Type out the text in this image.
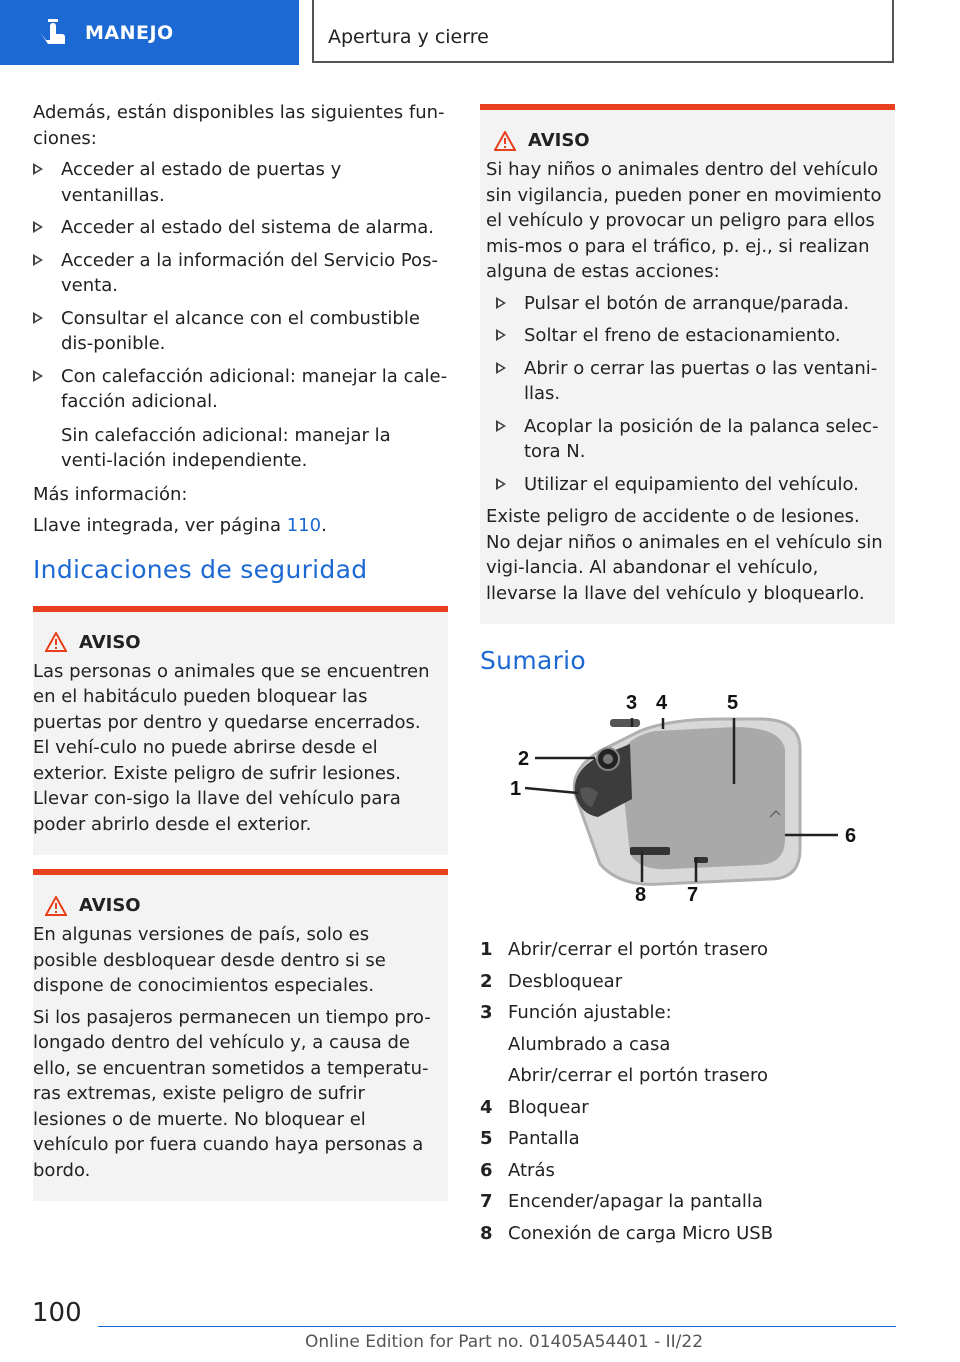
MANEJO	Apertura y cierre

Además, están disponibles las siguientes fun-ciones:

Acceder al estado de puertas y ventanillas.
Acceder al estado del sistema de alarma.
Acceder a la información del Servicio Pos-venta.
Consultar el alcance con el combustible dis-ponible.
Con calefacción adicional: manejar la cale-facción adicional.
Sin calefacción adicional: manejar la venti-lación independiente.

Más información:

Llave integrada, ver página 110.

Indicaciones de seguridad
AVISO

Las personas o animales que se encuentren en el habitáculo pueden bloquear las puertas por dentro y quedarse encerrados. El vehí-culo no puede abrirse desde el exterior. Existe peligro de sufrir lesiones. Llevar con-sigo la llave del vehículo para poder abrirlo desde el exterior.

AVISO

En algunas versiones de país, solo es posible desbloquear desde dentro si se dispone de conocimientos especiales.

Si los pasajeros permanecen un tiempo pro-longado dentro del vehículo y, a causa de ello, se encuentran sometidos a temperatu-ras extremas, existe peligro de sufrir lesiones o de muerte. No bloquear el vehículo por fuera cuando haya personas a bordo.

AVISO

Si hay niños o animales dentro del vehículo sin vigilancia, pueden poner en movimiento el vehículo y provocar un peligro para ellos mis-mos o para el tráfico, p. ej., si realizan alguna de estas acciones:

Pulsar el botón de arranque/parada.
Soltar el freno de estacionamiento.
Abrir o cerrar las puertas o las ventani-llas.
Acoplar la posición de la palanca selec-tora N.
Utilizar el equipamiento del vehículo.

Existe peligro de accidente o de lesiones. No dejar niños o animales en el vehículo sin vigi-lancia. Al abandonar el vehículo, llevarse la llave del vehículo y bloquearlo.

Sumario
1
2
3 4	5
6
7
8
1 Abrir/cerrar el portón trasero
2 Desbloquear
3 Función ajustable:
Alumbrado a casa
Abrir/cerrar el portón trasero
4 Bloquear
5 Pantalla
6 Atrás
7 Encender/apagar la pantalla
8 Conexión de carga Micro USB
100
Online Edition for Part no. 01405A54401 - II/22
